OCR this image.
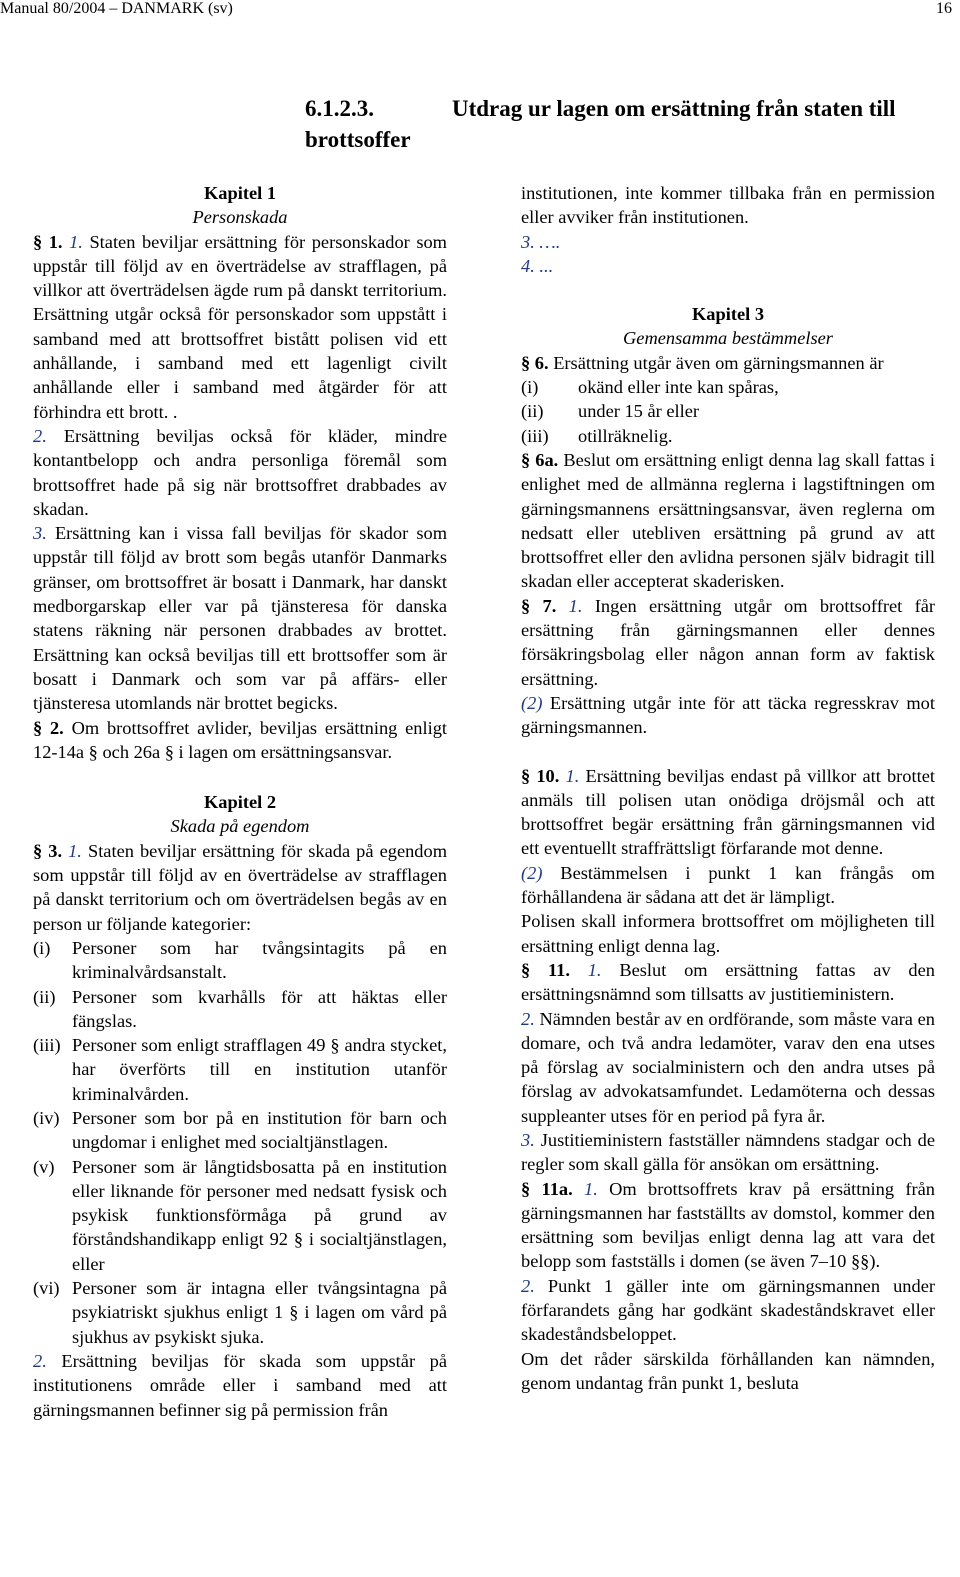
Manual 80/2004 – DANMARK (sv)	16
6.1.2.3.	Utdrag ur lagen om ersättning från staten till
brottsoffer
Kapitel 1
Personskada

§ 1. 1. Staten beviljar ersättning för personskador som uppstår till följd av en överträdelse av strafflagen, på villkor att överträdelsen ägde rum på danskt territorium. Ersättning utgår också för personskador som uppstått i samband med att brottsoffret bistått polisen vid ett anhållande, i samband med ett lagenligt civilt anhållande eller i samband med åtgärder för att förhindra ett brott. .

2. Ersättning beviljas också för kläder, mindre kontantbelopp och andra personliga föremål som brottsoffret hade på sig när brottsoffret drabbades av skadan.

3. Ersättning kan i vissa fall beviljas för skador som uppstår till följd av brott som begås utanför Danmarks gränser, om brottsoffret är bosatt i Danmark, har danskt medborgarskap eller var på tjänsteresa för danska statens räkning när personen drabbades av brottet. Ersättning kan också beviljas till ett brottsoffer som är bosatt i Danmark och som var på affärs- eller tjänsteresa utomlands när brottet begicks.

§ 2. Om brottsoffret avlider, beviljas ersättning enligt 12-14a § och 26a § i lagen om ersättningsansvar.

Kapitel 2
Skada på egendom

§ 3. 1. Staten beviljar ersättning för skada på egendom som uppstår till följd av en överträdelse av strafflagen på danskt territorium och om överträdelsen begås av en person ur följande kategorier:

(i)	Personer som har tvångsintagits på en kriminalvårdsanstalt.
(ii) Personer som kvarhålls för att häktas eller fängslas.
(iii) Personer som enligt strafflagen 49 § andra stycket, har överförts till en institution utanför kriminalvården.
(iv) Personer som bor på en institution för barn och ungdomar i enlighet med socialtjänstlagen.
(v) Personer som är långtidsbosatta på en institution eller liknande för personer med nedsatt fysisk och psykisk funktionsförmåga på grund av förståndshandikapp enligt 92 § i socialtjänstlagen, eller
(vi) Personer som är intagna eller tvångsintagna på psykiatriskt sjukhus enligt 1 § i lagen om vård på sjukhus av psykiskt sjuka.

2. Ersättning beviljas för skada som uppstår på institutionens område eller i samband med att gärningsmannen befinner sig på permission från

institutionen, inte kommer tillbaka från en permission eller avviker från institutionen.

3. ….
4. ...
Kapitel 3
Gemensamma bestämmelser

§ 6. Ersättning utgår även om gärningsmannen är

(i)	okänd eller inte kan spåras,
(ii)	under 15 år eller
(iii)	otillräknelig.

§ 6a. Beslut om ersättning enligt denna lag skall fattas i enlighet med de allmänna reglerna i lagstiftningen om gärningsmannens ersättningsansvar, även reglerna om nedsatt eller utebliven ersättning på grund av att brottsoffret eller den avlidna personen själv bidragit till skadan eller accepterat skaderisken.

§ 7. 1. Ingen ersättning utgår om brottsoffret får ersättning från gärningsmannen eller dennes försäkringsbolag eller någon annan form av faktisk ersättning.

(2) Ersättning utgår inte för att täcka regresskrav mot gärningsmannen.

§ 10. 1. Ersättning beviljas endast på villkor att brottet anmäls till polisen utan onödiga dröjsmål och att brottsoffret begär ersättning från gärningsmannen vid ett eventuellt straffrättsligt förfarande mot denne.

(2) Bestämmelsen i punkt 1 kan frångås om förhållandena är sådana att det är lämpligt.

Polisen skall informera brottsoffret om möjligheten till ersättning enligt denna lag.

§ 11. 1. Beslut om ersättning fattas av den ersättningsnämnd som tillsatts av justitieministern.

2. Nämnden består av en ordförande, som måste vara en domare, och två andra ledamöter, varav den ena utses på förslag av socialministern och den andra utses på förslag av advokatsamfundet. Ledamöterna och dessas suppleanter utses för en period på fyra år.

3. Justitieministern fastställer nämndens stadgar och de regler som skall gälla för ansökan om ersättning.

§ 11a. 1. Om brottsoffrets krav på ersättning från gärningsmannen har fastställts av domstol, kommer den ersättning som beviljas enligt denna lag att vara det belopp som fastställs i domen (se även 7–10 §§).

2. Punkt 1 gäller inte om gärningsmannen under förfarandets gång har godkänt skadeståndskravet eller skadeståndsbeloppet.

Om det råder särskilda förhållanden kan nämnden, genom undantag från punkt 1, besluta
